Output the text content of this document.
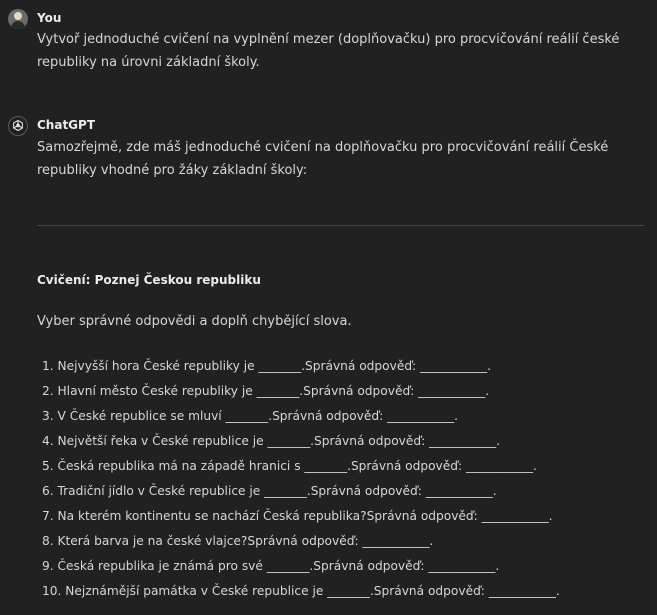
You
Vytvoř jednoduché cvičení na vyplnění mezer (doplňovačku) pro procvičování reálií české republiky na úrovni základní školy.
ChatGPT
Samozřejmě, zde máš jednoduché cvičení na doplňovačku pro procvičování reálií České republiky vhodné pro žáky základní školy:
Cvičení: Poznej Českou republiku
Vyber správné odpovědi a doplň chybějící slova.
1. Nejvyšší hora České republiky je _______.Správná odpověď: ___________.
2. Hlavní město České republiky je _______.Správná odpověď: ___________.
3. V České republice se mluví _______.Správná odpověď: ___________.
4. Největší řeka v České republice je _______.Správná odpověď: ___________.
5. Česká republika má na západě hranici s _______.Správná odpověď: ___________.
6. Tradiční jídlo v České republice je _______.Správná odpověď: ___________.
7. Na kterém kontinentu se nachází Česká republika?Správná odpověď: ___________.
8. Která barva je na české vlajce?Správná odpověď: ___________.
9. Česká republika je známá pro své _______.Správná odpověď: ___________.
10. Nejznámější památka v České republice je _______.Správná odpověď: ___________.
